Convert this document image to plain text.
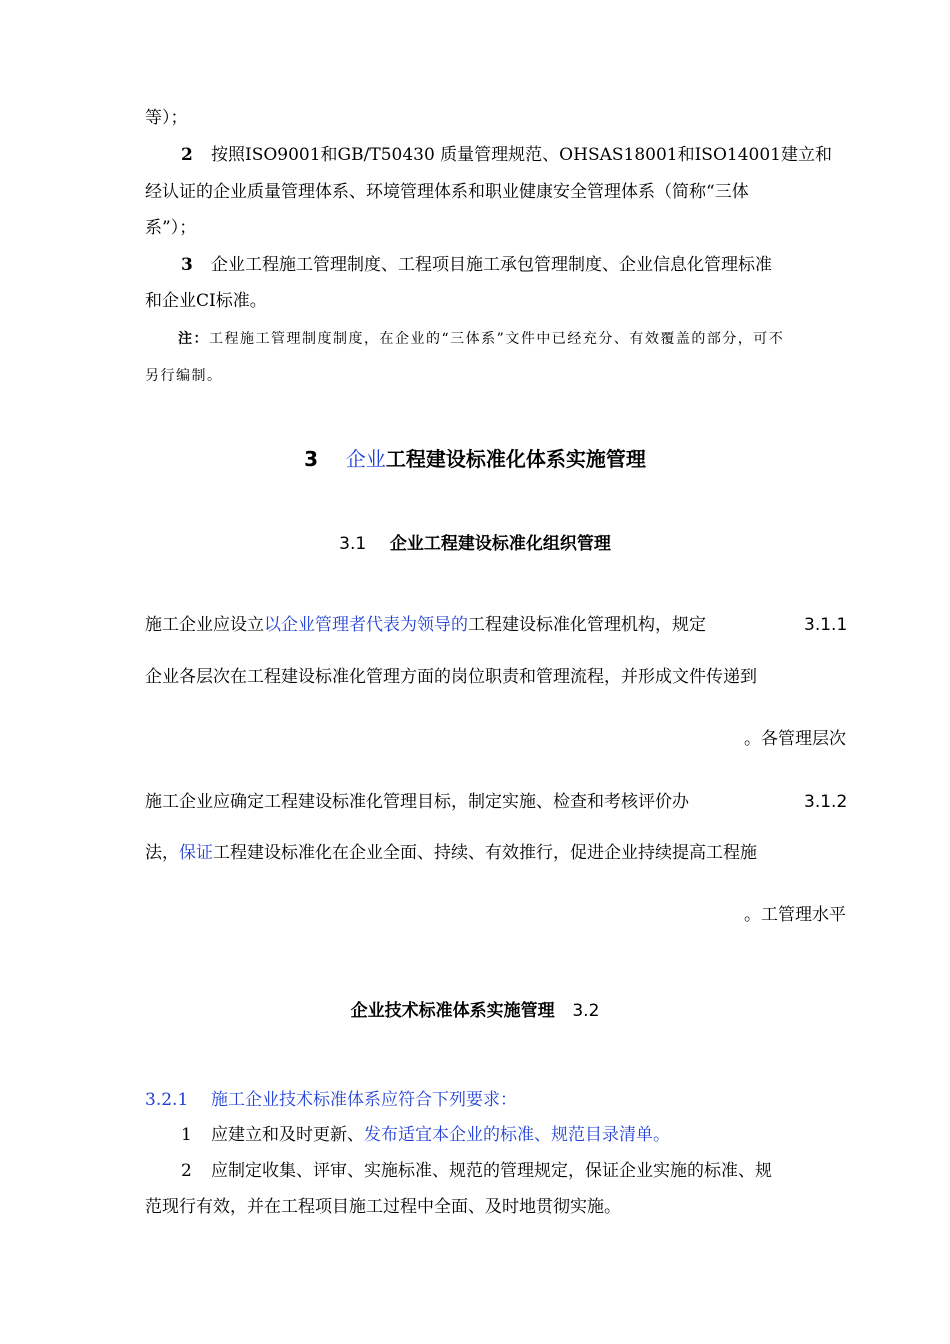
等）；
2 按照ISO9001和GB/T50430 质量管理规范、OHSAS18001和ISO14001建立和
经认证的企业质量管理体系、环境管理体系和职业健康安全管理体系（简称“三体
系”）；
3 企业工程施工管理制度、工程项目施工承包管理制度、企业信息化管理标准
和企业CI标准。
注：工程施工管理制度制度，在企业的“三体系”文件中已经充分、有效覆盖的部分，可不
另行编制。
3 企业工程建设标准化体系实施管理
3.1 企业工程建设标准化组织管理
施工企业应设立以企业管理者代表为领导的工程建设标准化管理机构，规定	3.1.1
企业各层次在工程建设标准化管理方面的岗位职责和管理流程，并形成文件传递到
。各管理层次
施工企业应确定工程建设标准化管理目标，制定实施、检查和考核评价办	3.1.2
法，保证工程建设标准化在企业全面、持续、有效推行，促进企业持续提高工程施
。工管理水平
企业技术标准体系实施管理 3.2
3.2.1 施工企业技术标准体系应符合下列要求：
1 应建立和及时更新、发布适宜本企业的标准、规范目录清单。
2 应制定收集、评审、实施标准、规范的管理规定，保证企业实施的标准、规
范现行有效，并在工程项目施工过程中全面、及时地贯彻实施。
